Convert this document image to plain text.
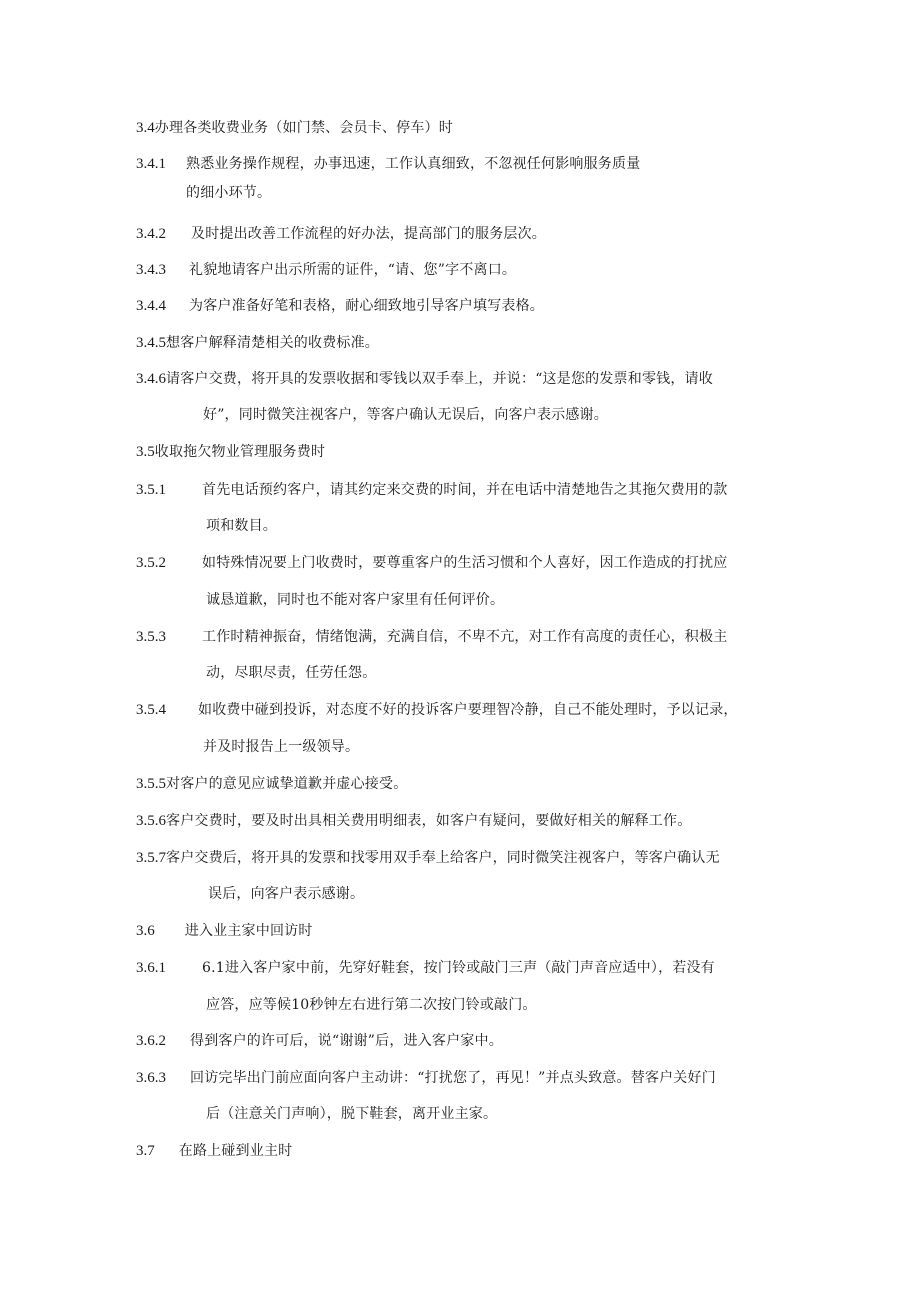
3.4办理各类收费业务（如门禁、会员卡、停车）时
3.4.1 熟悉业务操作规程，办事迅速，工作认真细致，不忽视任何影响服务质量
的细小环节。
3.4.2 及时提出改善工作流程的好办法，提高部门的服务层次。
3.4.3 礼貌地请客户出示所需的证件，“请、您”字不离口。
3.4.4 为客户准备好笔和表格，耐心细致地引导客户填写表格。
3.4.5想客户解释清楚相关的收费标准。
3.4.6请客户交费，将开具的发票收据和零钱以双手奉上，并说：“这是您的发票和零钱，请收
好”，同时微笑注视客户，等客户确认无误后，向客户表示感谢。
3.5收取拖欠物业管理服务费时
3.5.1	首先电话预约客户，请其约定来交费的时间，并在电话中清楚地告之其拖欠费用的款
项和数目。
3.5.2	如特殊情况要上门收费时，要尊重客户的生活习惯和个人喜好，因工作造成的打扰应
诚恳道歉，同时也不能对客户家里有任何评价。
3.5.3	工作时精神振奋，情绪饱满，充满自信，不卑不亢，对工作有高度的责任心，积极主
动，尽职尽责，任劳任怨。
3.5.4 如收费中碰到投诉，对态度不好的投诉客户要理智冷静，自己不能处理时，予以记录，
并及时报告上一级领导。
3.5.5对客户的意见应诚挚道歉并虚心接受。
3.5.6客户交费时，要及时出具相关费用明细表，如客户有疑问，要做好相关的解释工作。
3.5.7客户交费后，将开具的发票和找零用双手奉上给客户，同时微笑注视客户，等客户确认无
误后，向客户表示感谢。
3.6 进入业主家中回访时
3.6.1	6.1进入客户家中前，先穿好鞋套，按门铃或敲门三声（敲门声音应适中），若没有
应答，应等候10秒钟左右进行第二次按门铃或敲门。
3.6.2 得到客户的许可后，说“谢谢”后，进入客户家中。
3.6.3 回访完毕出门前应面向客户主动讲：“打扰您了，再见！”并点头致意。替客户关好门
后（注意关门声响），脱下鞋套，离开业主家。
3.7 在路上碰到业主时
